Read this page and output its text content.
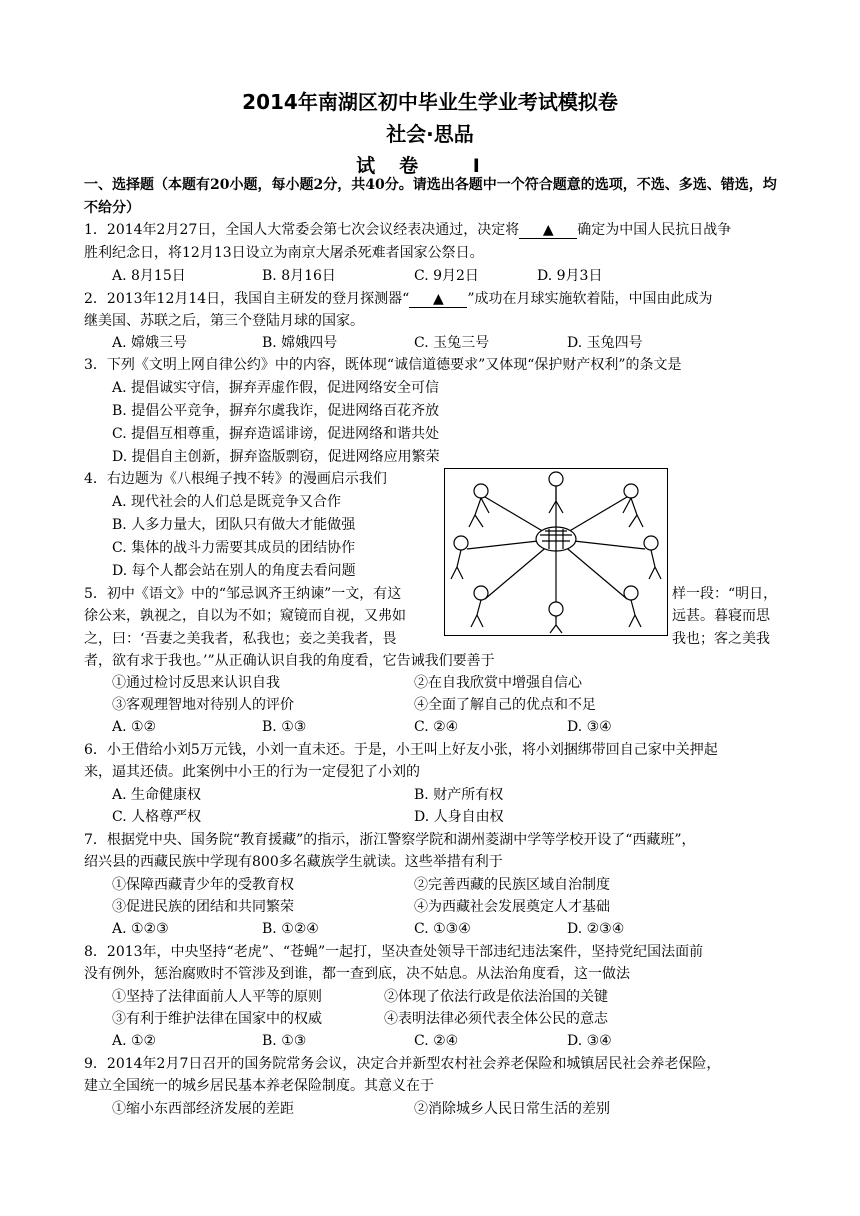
2014年南湖区初中毕业生学业考试模拟卷
社会·思品
试卷 Ⅰ
一、选择题（本题有20小题，每小题2分，共40分。请选出各题中一个符合题意的选项，不选、多选、错选，均不给分）
1．2014年2月27日，全国人大常委会第七次会议经表决通过，决定将 ▲ 确定为中国人民抗日战争
胜利纪念日，将12月13日设立为南京大屠杀死难者国家公祭日。
A. 8月15日	B. 8月16日	C. 9月2日	D. 9月3日
2．2013年12月14日，我国自主研发的登月探测器“ ▲ ”成功在月球实施软着陆，中国由此成为
继美国、苏联之后，第三个登陆月球的国家。
A. 嫦娥三号	B. 嫦娥四号	C. 玉兔三号	D. 玉兔四号
3．下列《文明上网自律公约》中的内容，既体现“诚信道德要求”又体现“保护财产权利”的条文是
A. 提倡诚实守信，摒弃弄虚作假，促进网络安全可信
B. 提倡公平竞争，摒弃尔虞我诈，促进网络百花齐放
C. 提倡互相尊重，摒弃造谣诽谤，促进网络和谐共处
D. 提倡自主创新，摒弃盗版剽窃，促进网络应用繁荣
4．右边题为《八根绳子拽不转》的漫画启示我们
A. 现代社会的人们总是既竞争又合作
B. 人多力量大，团队只有做大才能做强
C. 集体的战斗力需要其成员的团结协作
D. 每个人都会站在别人的角度去看问题
5．初中《语文》中的“邹忌讽齐王纳谏”一文，有这	样一段：“明日，
徐公来，孰视之，自以为不如；窥镜而自视，又弗如	远甚。暮寝而思
之，曰：‘吾妻之美我者，私我也；妾之美我者，畏	我也；客之美我
者，欲有求于我也。’”从正确认识自我的角度看，它告诫我们要善于
①通过检讨反思来认识自我	②在自我欣赏中增强自信心
③客观理智地对待别人的评价	④全面了解自己的优点和不足
A. ①②	B. ①③	C. ②④	D. ③④
6．小王借给小刘5万元钱，小刘一直未还。于是，小王叫上好友小张，将小刘捆绑带回自己家中关押起
来，逼其还债。此案例中小王的行为一定侵犯了小刘的
A. 生命健康权	B. 财产所有权
C. 人格尊严权	D. 人身自由权
7．根据党中央、国务院“教育援藏”的指示，浙江警察学院和湖州菱湖中学等学校开设了“西藏班”，
绍兴县的西藏民族中学现有800多名藏族学生就读。这些举措有利于
①保障西藏青少年的受教育权	②完善西藏的民族区域自治制度
③促进民族的团结和共同繁荣	④为西藏社会发展奠定人才基础
A. ①②③	B. ①②④	C. ①③④	D. ②③④
8．2013年，中央坚持“老虎”、“苍蝇”一起打，坚决查处领导干部违纪违法案件，坚持党纪国法面前
没有例外，惩治腐败时不管涉及到谁，都一查到底，决不姑息。从法治角度看，这一做法
①坚持了法律面前人人平等的原则	②体现了依法行政是依法治国的关键
③有利于维护法律在国家中的权威	④表明法律必须代表全体公民的意志
A. ①②	B. ①③	C. ②④	D. ③④
9．2014年2月7日召开的国务院常务会议，决定合并新型农村社会养老保险和城镇居民社会养老保险，
建立全国统一的城乡居民基本养老保险制度。其意义在于
①缩小东西部经济发展的差距	②消除城乡人民日常生活的差别
